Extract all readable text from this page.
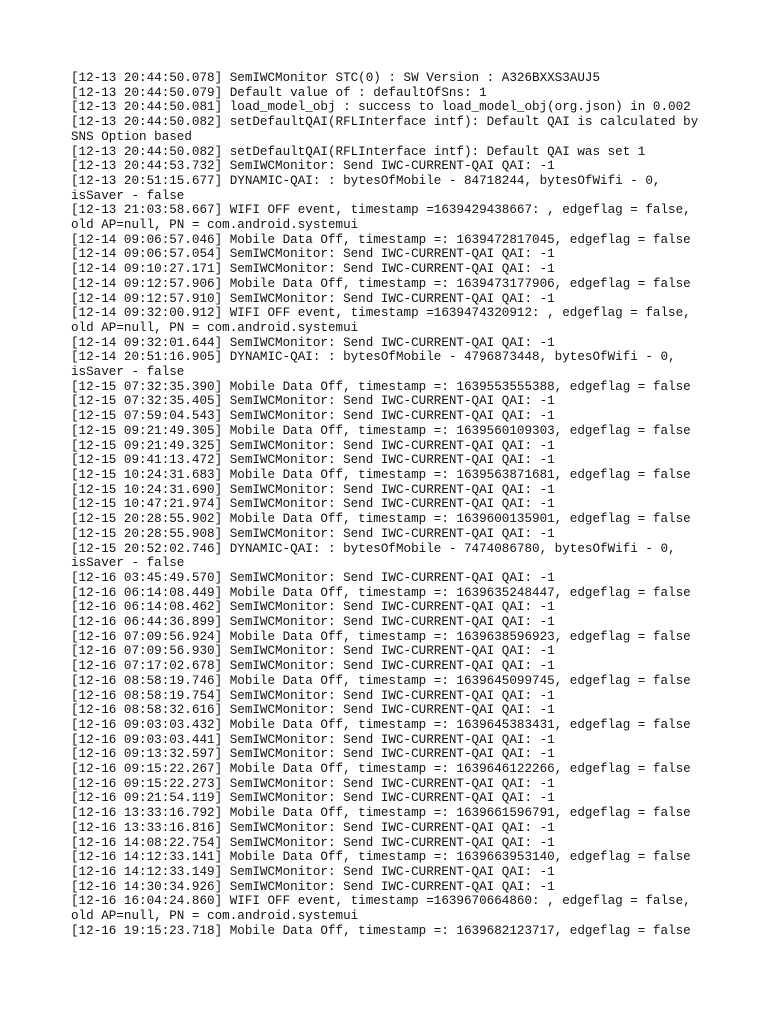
[12-13 20:44:50.078] SemIWCMonitor STC(0) : SW Version : A326BXXS3AUJ5
[12-13 20:44:50.079] Default value of : defaultOfSns: 1
[12-13 20:44:50.081] load_model_obj : success to load_model_obj(org.json) in 0.002
[12-13 20:44:50.082] setDefaultQAI(RFLInterface intf): Default QAI is calculated by
SNS Option based
[12-13 20:44:50.082] setDefaultQAI(RFLInterface intf): Default QAI was set 1
[12-13 20:44:53.732] SemIWCMonitor: Send IWC-CURRENT-QAI QAI: -1
[12-13 20:51:15.677] DYNAMIC-QAI: : bytesOfMobile - 84718244, bytesOfWifi - 0,
isSaver - false
[12-13 21:03:58.667] WIFI OFF event, timestamp =1639429438667: , edgeflag = false,
old AP=null, PN = com.android.systemui
[12-14 09:06:57.046] Mobile Data Off, timestamp =: 1639472817045, edgeflag = false
[12-14 09:06:57.054] SemIWCMonitor: Send IWC-CURRENT-QAI QAI: -1
[12-14 09:10:27.171] SemIWCMonitor: Send IWC-CURRENT-QAI QAI: -1
[12-14 09:12:57.906] Mobile Data Off, timestamp =: 1639473177906, edgeflag = false
[12-14 09:12:57.910] SemIWCMonitor: Send IWC-CURRENT-QAI QAI: -1
[12-14 09:32:00.912] WIFI OFF event, timestamp =1639474320912: , edgeflag = false,
old AP=null, PN = com.android.systemui
[12-14 09:32:01.644] SemIWCMonitor: Send IWC-CURRENT-QAI QAI: -1
[12-14 20:51:16.905] DYNAMIC-QAI: : bytesOfMobile - 4796873448, bytesOfWifi - 0,
isSaver - false
[12-15 07:32:35.390] Mobile Data Off, timestamp =: 1639553555388, edgeflag = false
[12-15 07:32:35.405] SemIWCMonitor: Send IWC-CURRENT-QAI QAI: -1
[12-15 07:59:04.543] SemIWCMonitor: Send IWC-CURRENT-QAI QAI: -1
[12-15 09:21:49.305] Mobile Data Off, timestamp =: 1639560109303, edgeflag = false
[12-15 09:21:49.325] SemIWCMonitor: Send IWC-CURRENT-QAI QAI: -1
[12-15 09:41:13.472] SemIWCMonitor: Send IWC-CURRENT-QAI QAI: -1
[12-15 10:24:31.683] Mobile Data Off, timestamp =: 1639563871681, edgeflag = false
[12-15 10:24:31.690] SemIWCMonitor: Send IWC-CURRENT-QAI QAI: -1
[12-15 10:47:21.974] SemIWCMonitor: Send IWC-CURRENT-QAI QAI: -1
[12-15 20:28:55.902] Mobile Data Off, timestamp =: 1639600135901, edgeflag = false
[12-15 20:28:55.908] SemIWCMonitor: Send IWC-CURRENT-QAI QAI: -1
[12-15 20:52:02.746] DYNAMIC-QAI: : bytesOfMobile - 7474086780, bytesOfWifi - 0,
isSaver - false
[12-16 03:45:49.570] SemIWCMonitor: Send IWC-CURRENT-QAI QAI: -1
[12-16 06:14:08.449] Mobile Data Off, timestamp =: 1639635248447, edgeflag = false
[12-16 06:14:08.462] SemIWCMonitor: Send IWC-CURRENT-QAI QAI: -1
[12-16 06:44:36.899] SemIWCMonitor: Send IWC-CURRENT-QAI QAI: -1
[12-16 07:09:56.924] Mobile Data Off, timestamp =: 1639638596923, edgeflag = false
[12-16 07:09:56.930] SemIWCMonitor: Send IWC-CURRENT-QAI QAI: -1
[12-16 07:17:02.678] SemIWCMonitor: Send IWC-CURRENT-QAI QAI: -1
[12-16 08:58:19.746] Mobile Data Off, timestamp =: 1639645099745, edgeflag = false
[12-16 08:58:19.754] SemIWCMonitor: Send IWC-CURRENT-QAI QAI: -1
[12-16 08:58:32.616] SemIWCMonitor: Send IWC-CURRENT-QAI QAI: -1
[12-16 09:03:03.432] Mobile Data Off, timestamp =: 1639645383431, edgeflag = false
[12-16 09:03:03.441] SemIWCMonitor: Send IWC-CURRENT-QAI QAI: -1
[12-16 09:13:32.597] SemIWCMonitor: Send IWC-CURRENT-QAI QAI: -1
[12-16 09:15:22.267] Mobile Data Off, timestamp =: 1639646122266, edgeflag = false
[12-16 09:15:22.273] SemIWCMonitor: Send IWC-CURRENT-QAI QAI: -1
[12-16 09:21:54.119] SemIWCMonitor: Send IWC-CURRENT-QAI QAI: -1
[12-16 13:33:16.792] Mobile Data Off, timestamp =: 1639661596791, edgeflag = false
[12-16 13:33:16.816] SemIWCMonitor: Send IWC-CURRENT-QAI QAI: -1
[12-16 14:08:22.754] SemIWCMonitor: Send IWC-CURRENT-QAI QAI: -1
[12-16 14:12:33.141] Mobile Data Off, timestamp =: 1639663953140, edgeflag = false
[12-16 14:12:33.149] SemIWCMonitor: Send IWC-CURRENT-QAI QAI: -1
[12-16 14:30:34.926] SemIWCMonitor: Send IWC-CURRENT-QAI QAI: -1
[12-16 16:04:24.860] WIFI OFF event, timestamp =1639670664860: , edgeflag = false,
old AP=null, PN = com.android.systemui
[12-16 19:15:23.718] Mobile Data Off, timestamp =: 1639682123717, edgeflag = false
